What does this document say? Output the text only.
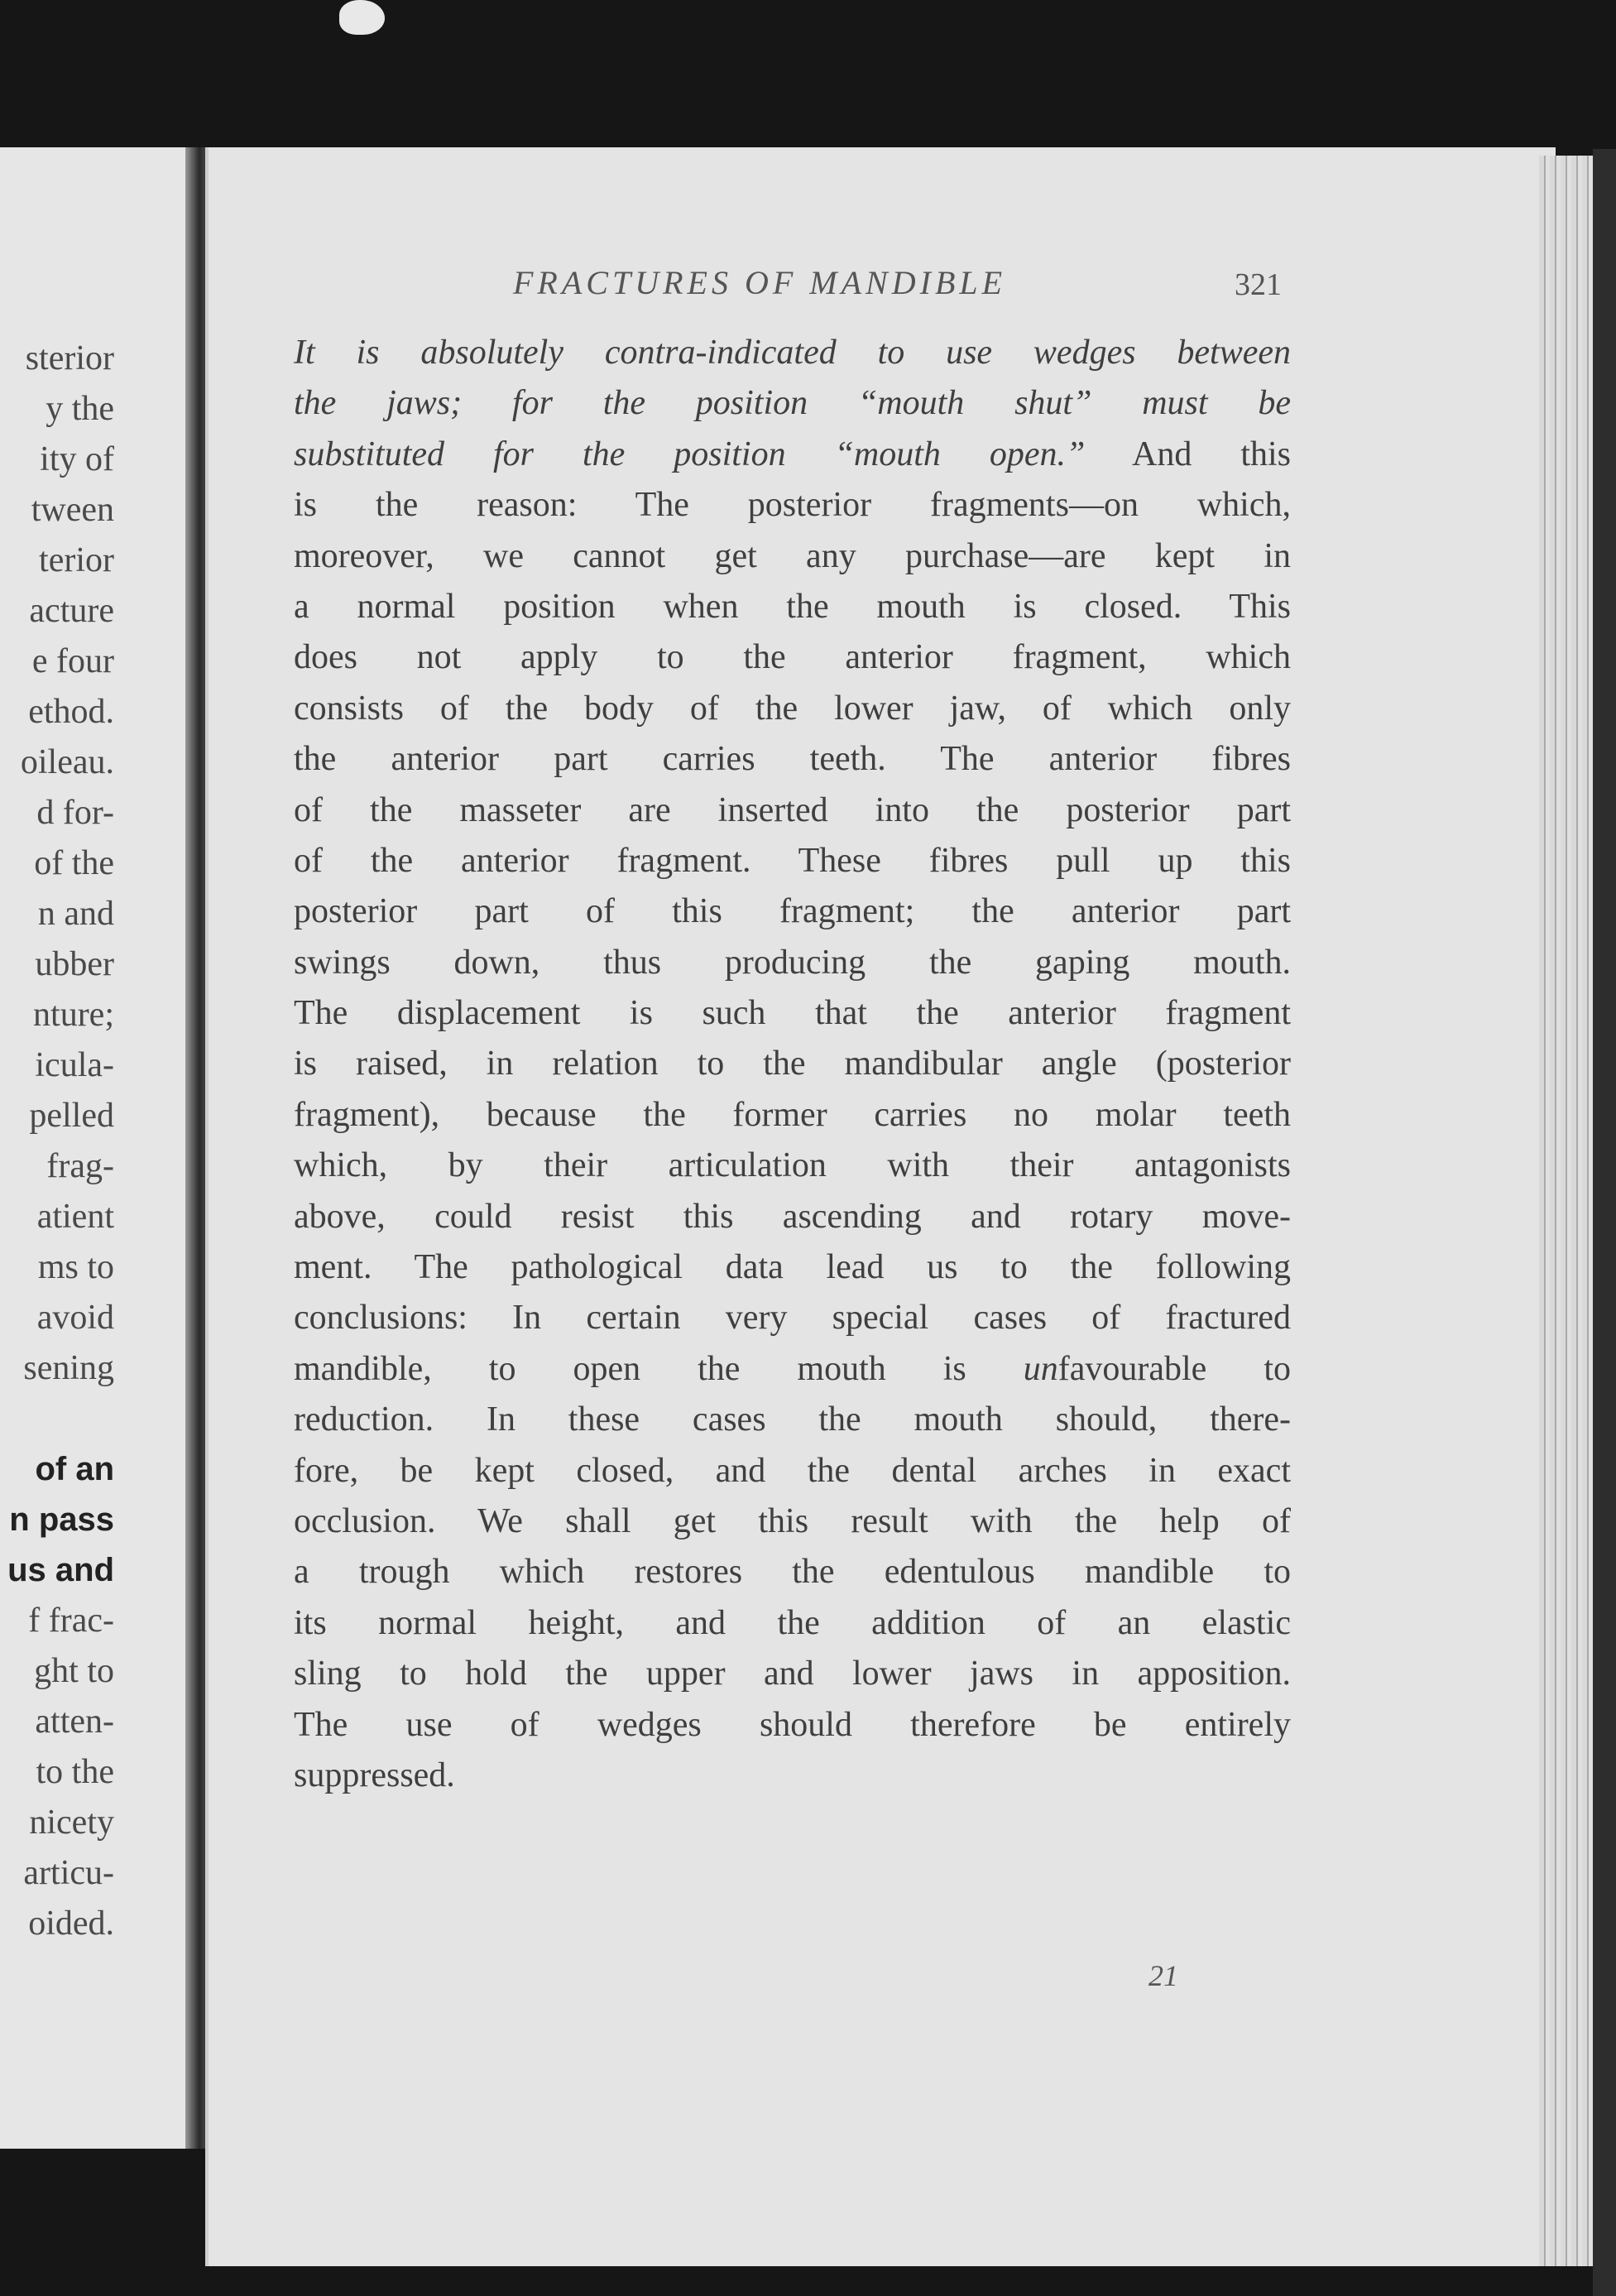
sterior
y the
ity of
tween
terior
acture
e four
ethod.
oileau.
d for-
of the
n and
ubber
nture;
icula-
pelled
frag-
atient
ms to
avoid
sening
of an
n pass
us and
f frac-
ght to
atten-
to the
nicety
articu-
oided.
FRACTURES OF MANDIBLE	321
It is absolutely contra-indicated to use wedges between
the jaws; for the position “mouth shut” must be
substituted for the position “mouth open.” And this
is the reason: The posterior fragments—on which,
moreover, we cannot get any purchase—are kept in
a normal position when the mouth is closed. This
does not apply to the anterior fragment, which
consists of the body of the lower jaw, of which only
the anterior part carries teeth. The anterior fibres
of the masseter are inserted into the posterior part
of the anterior fragment. These fibres pull up this
posterior part of this fragment; the anterior part
swings down, thus producing the gaping mouth.
The displacement is such that the anterior fragment
is raised, in relation to the mandibular angle (posterior
fragment), because the former carries no molar teeth
which, by their articulation with their antagonists
above, could resist this ascending and rotary move-
ment. The pathological data lead us to the following
conclusions: In certain very special cases of fractured
mandible, to open the mouth is unfavourable to
reduction. In these cases the mouth should, there-
fore, be kept closed, and the dental arches in exact
occlusion. We shall get this result with the help of
a trough which restores the edentulous mandible to
its normal height, and the addition of an elastic
sling to hold the upper and lower jaws in apposition.
The use of wedges should therefore be entirely
suppressed.
21
